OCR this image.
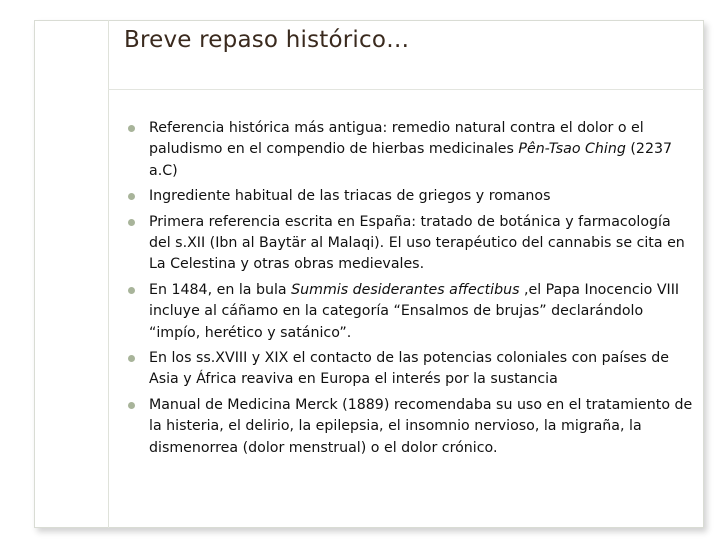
Breve repaso histórico…
Referencia histórica más antigua: remedio natural contra el dolor o el paludismo en el compendio de hierbas medicinales Pên-Tsao Ching (2237 a.C)
Ingrediente habitual de las triacas de griegos y romanos
Primera referencia escrita en España: tratado de botánica y farmacología del s.XII (Ibn al Baytär al Malaqi). El uso terapéutico del cannabis se cita en La Celestina y otras obras medievales.
En 1484, en la bula Summis desiderantes affectibus ,el Papa Inocencio VIII incluye al cáñamo en la categoría “Ensalmos de brujas” declarándolo “impío, herético y satánico”.
En los ss.XVIII y XIX el contacto de las potencias coloniales con países de Asia y África reaviva en Europa el interés por la sustancia
Manual de Medicina Merck (1889) recomendaba su uso en el tratamiento de la histeria, el delirio, la epilepsia, el insomnio nervioso, la migraña, la dismenorrea (dolor menstrual) o el dolor crónico.
